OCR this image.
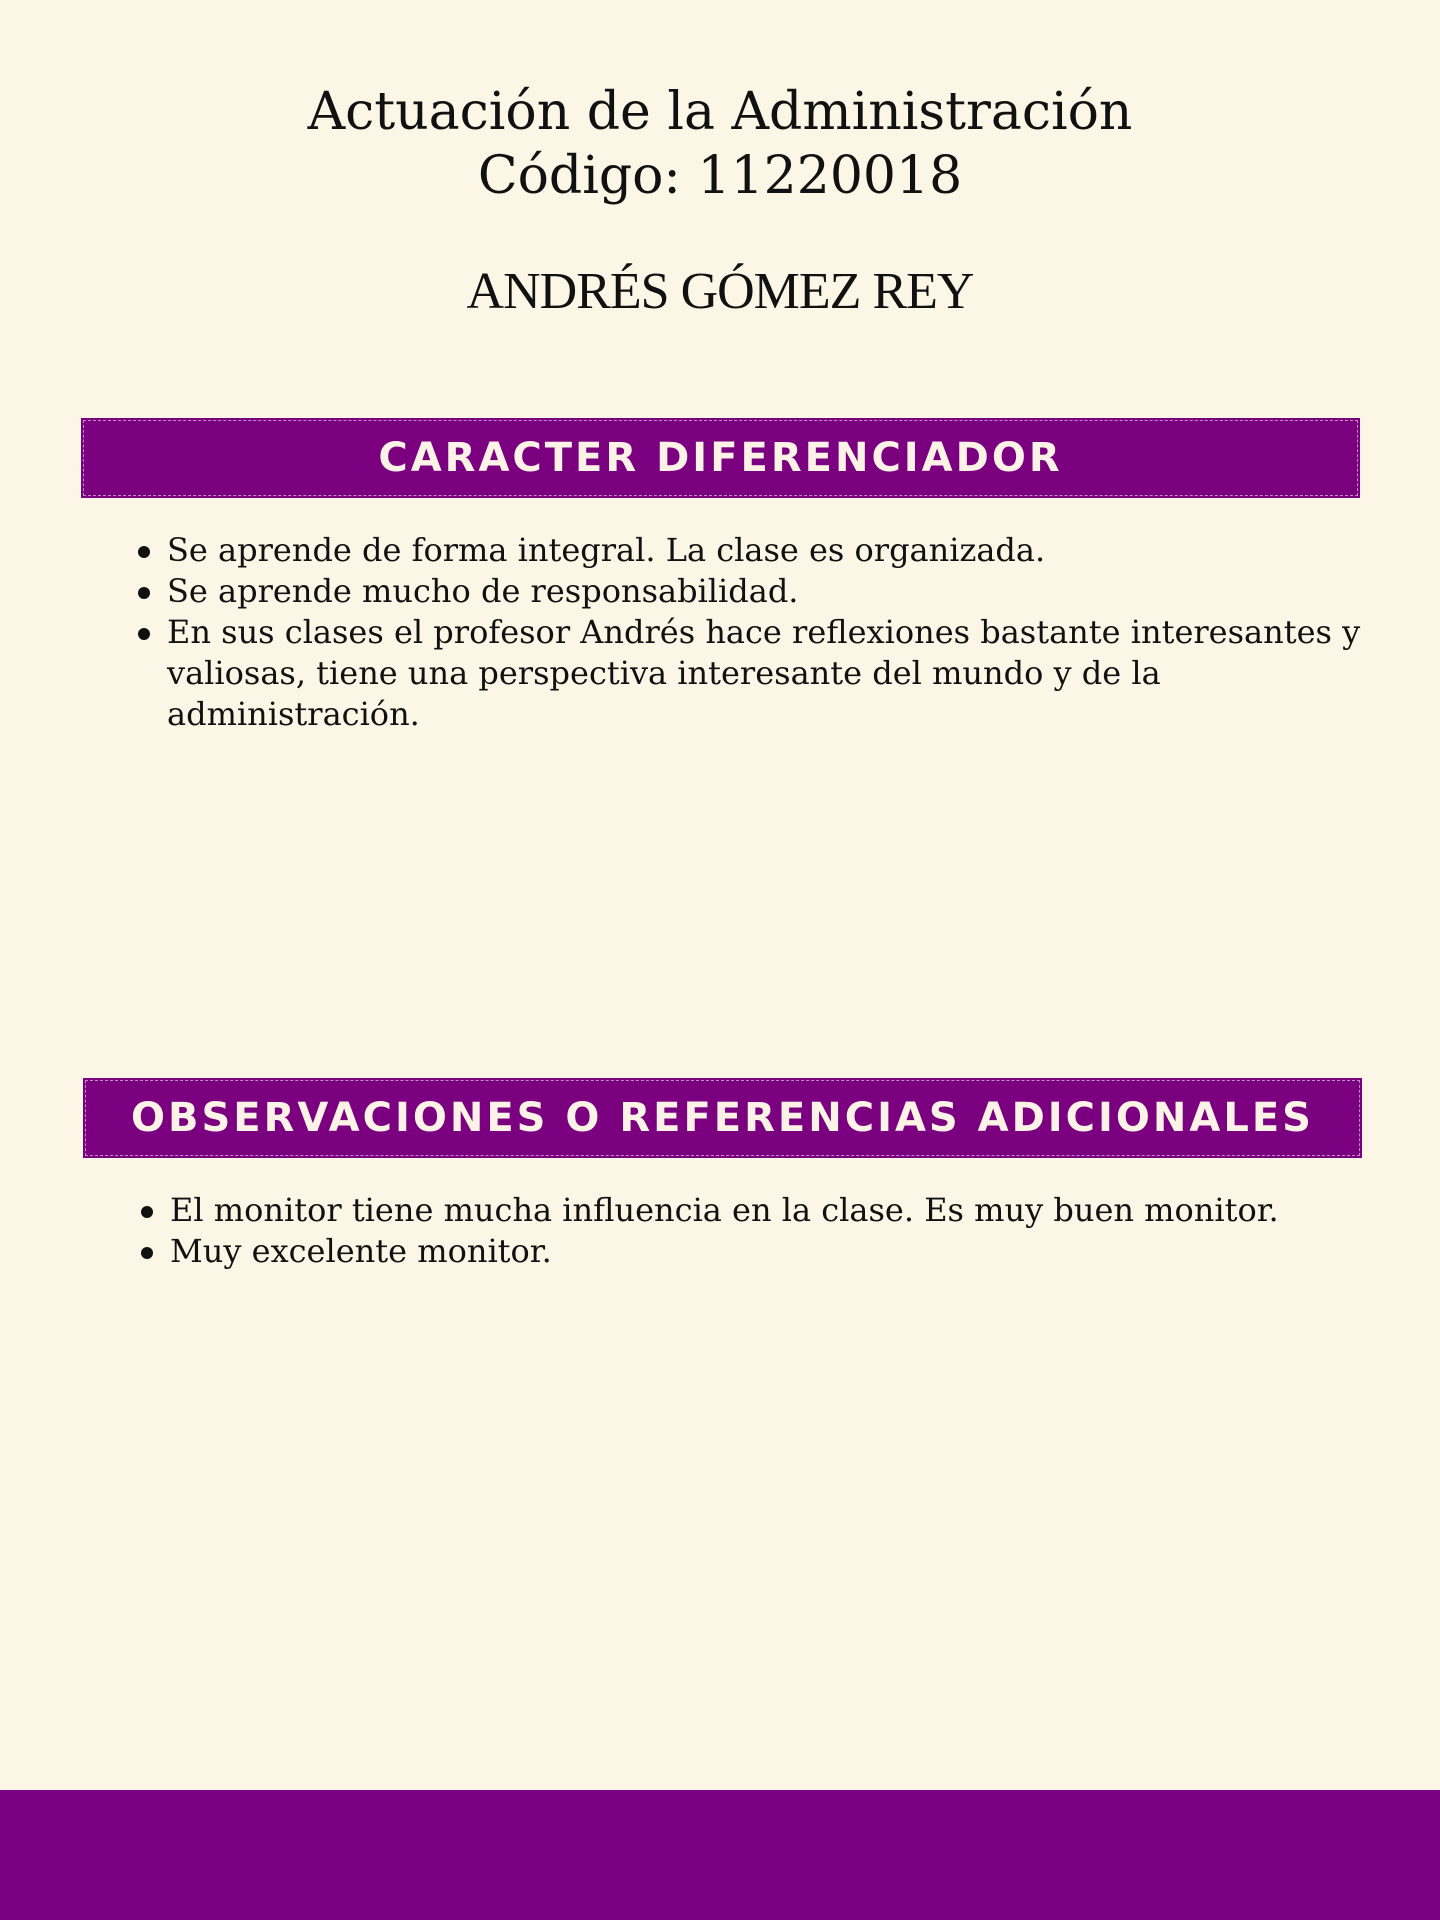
Actuación de la Administración

Código: 11220018

ANDRÉS GÓMEZ REY

CARACTER DIFERENCIADOR

Se aprende de forma integral. La clase es organizada.
Se aprende mucho de responsabilidad.
En sus clases el profesor Andrés hace reflexiones bastante interesantes y valiosas, tiene una perspectiva interesante del mundo y de la administración.

OBSERVACIONES O REFERENCIAS ADICIONALES

El monitor tiene mucha influencia en la clase. Es muy buen monitor.
Muy excelente monitor.
